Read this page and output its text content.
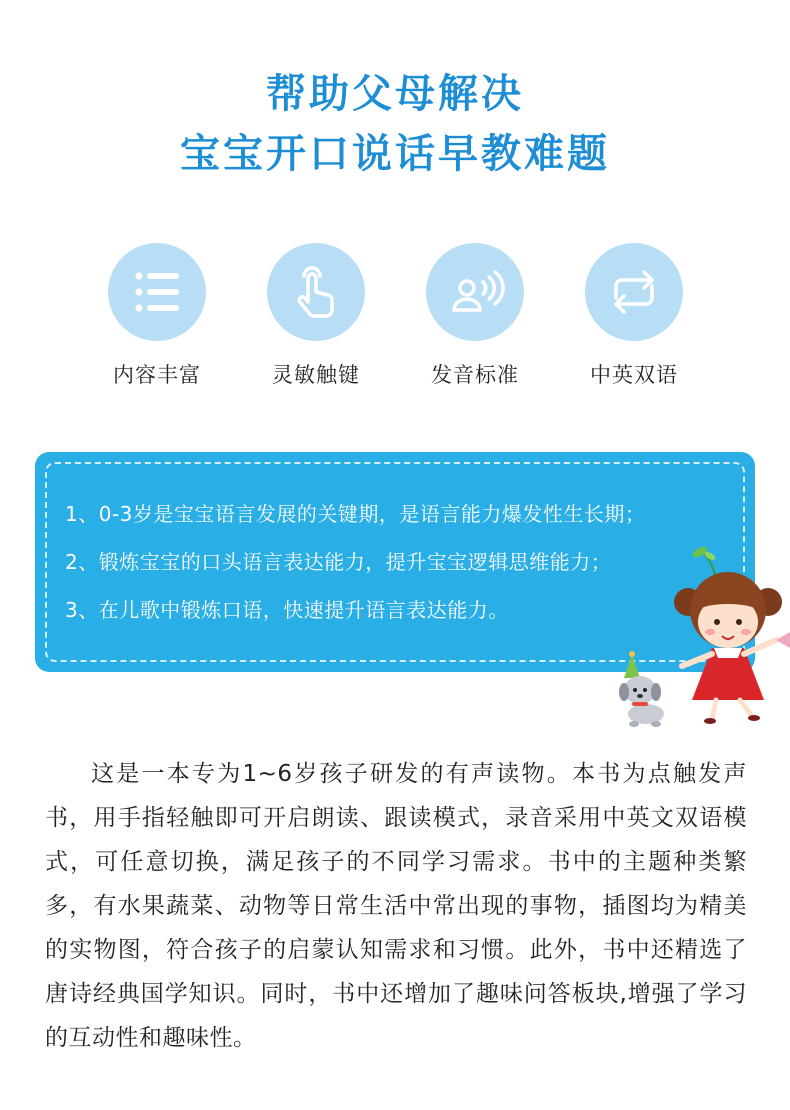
帮助父母解决
宝宝开口说话早教难题
内容丰富	灵敏触键	发音标准	中英双语
1、0-3岁是宝宝语言发展的关键期，是语言能力爆发性生长期；
2、锻炼宝宝的口头语言表达能力，提升宝宝逻辑思维能力；
3、在儿歌中锻炼口语，快速提升语言表达能力。

这是一本专为1~6岁孩子研发的有声读物。本书为点触发声书，用手指轻触即可开启朗读、跟读模式，录音采用中英文双语模式，可任意切换，满足孩子的不同学习需求。书中的主题种类繁多，有水果蔬菜、动物等日常生活中常出现的事物，插图均为精美的实物图，符合孩子的启蒙认知需求和习惯。此外，书中还精选了唐诗经典国学知识。同时，书中还增加了趣味问答板块,增强了学习的互动性和趣味性。
